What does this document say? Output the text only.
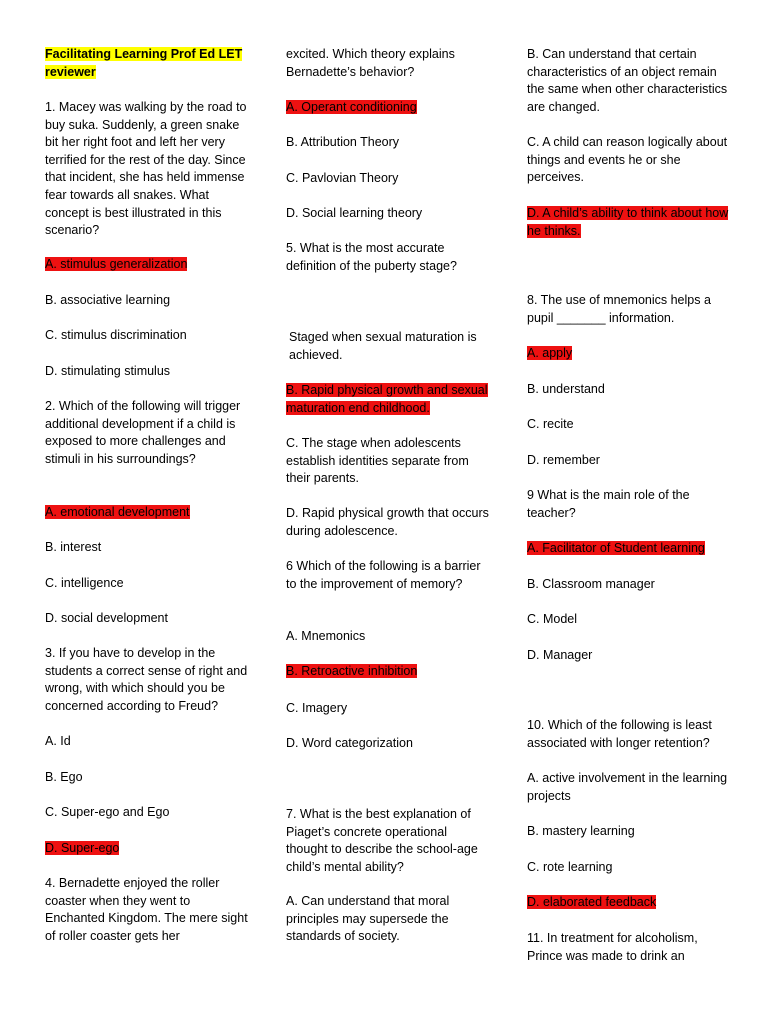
Facilitating Learning Prof Ed LET reviewer
1. Macey was walking by the road to buy suka. Suddenly, a green snake bit her right foot and left her very terrified for the rest of the day. Since that incident, she has held immense fear towards all snakes. What concept is best illustrated in this scenario?
A. stimulus generalization
B. associative learning
C. stimulus discrimination
D. stimulating stimulus
2. Which of the following will trigger additional development if a child is exposed to more challenges and stimuli in his surroundings?
A. emotional development
B. interest
C. intelligence
D. social development
3. If you have to develop in the students a correct sense of right and wrong, with which should you be concerned according to Freud?
A. Id
B. Ego
C. Super-ego and Ego
D. Super-ego
4. Bernadette enjoyed the roller coaster when they went to Enchanted Kingdom. The mere sight of roller coaster gets her
excited. Which theory explains Bernadette’s behavior?
A. Operant conditioning
B. Attribution Theory
C. Pavlovian Theory
D. Social learning theory
5. What is the most accurate definition of the puberty stage?
Staged when sexual maturation is achieved.
B. Rapid physical growth and sexual maturation end childhood.
C. The stage when adolescents establish identities separate from their parents.
D. Rapid physical growth that occurs during adolescence.
6 Which of the following is a barrier to the improvement of memory?
A. Mnemonics
B. Retroactive inhibition
C. Imagery
D. Word categorization
7. What is the best explanation of Piaget’s concrete operational thought to describe the school-age child’s mental ability?
A. Can understand that moral principles may supersede the standards of society.
B. Can understand that certain characteristics of an object remain the same when other characteristics are changed.
C. A child can reason logically about things and events he or she perceives.
D. A child’s ability to think about how he thinks.
8. The use of mnemonics helps a pupil _______ information.
A. apply
B. understand
C. recite
D. remember
9 What is the main role of the teacher?
A. Facilitator of Student learning
B. Classroom manager
C. Model
D. Manager
10. Which of the following is least associated with longer retention?
A. active involvement in the learning projects
B. mastery learning
C. rote learning
D. elaborated feedback
11. In treatment for alcoholism, Prince was made to drink an
